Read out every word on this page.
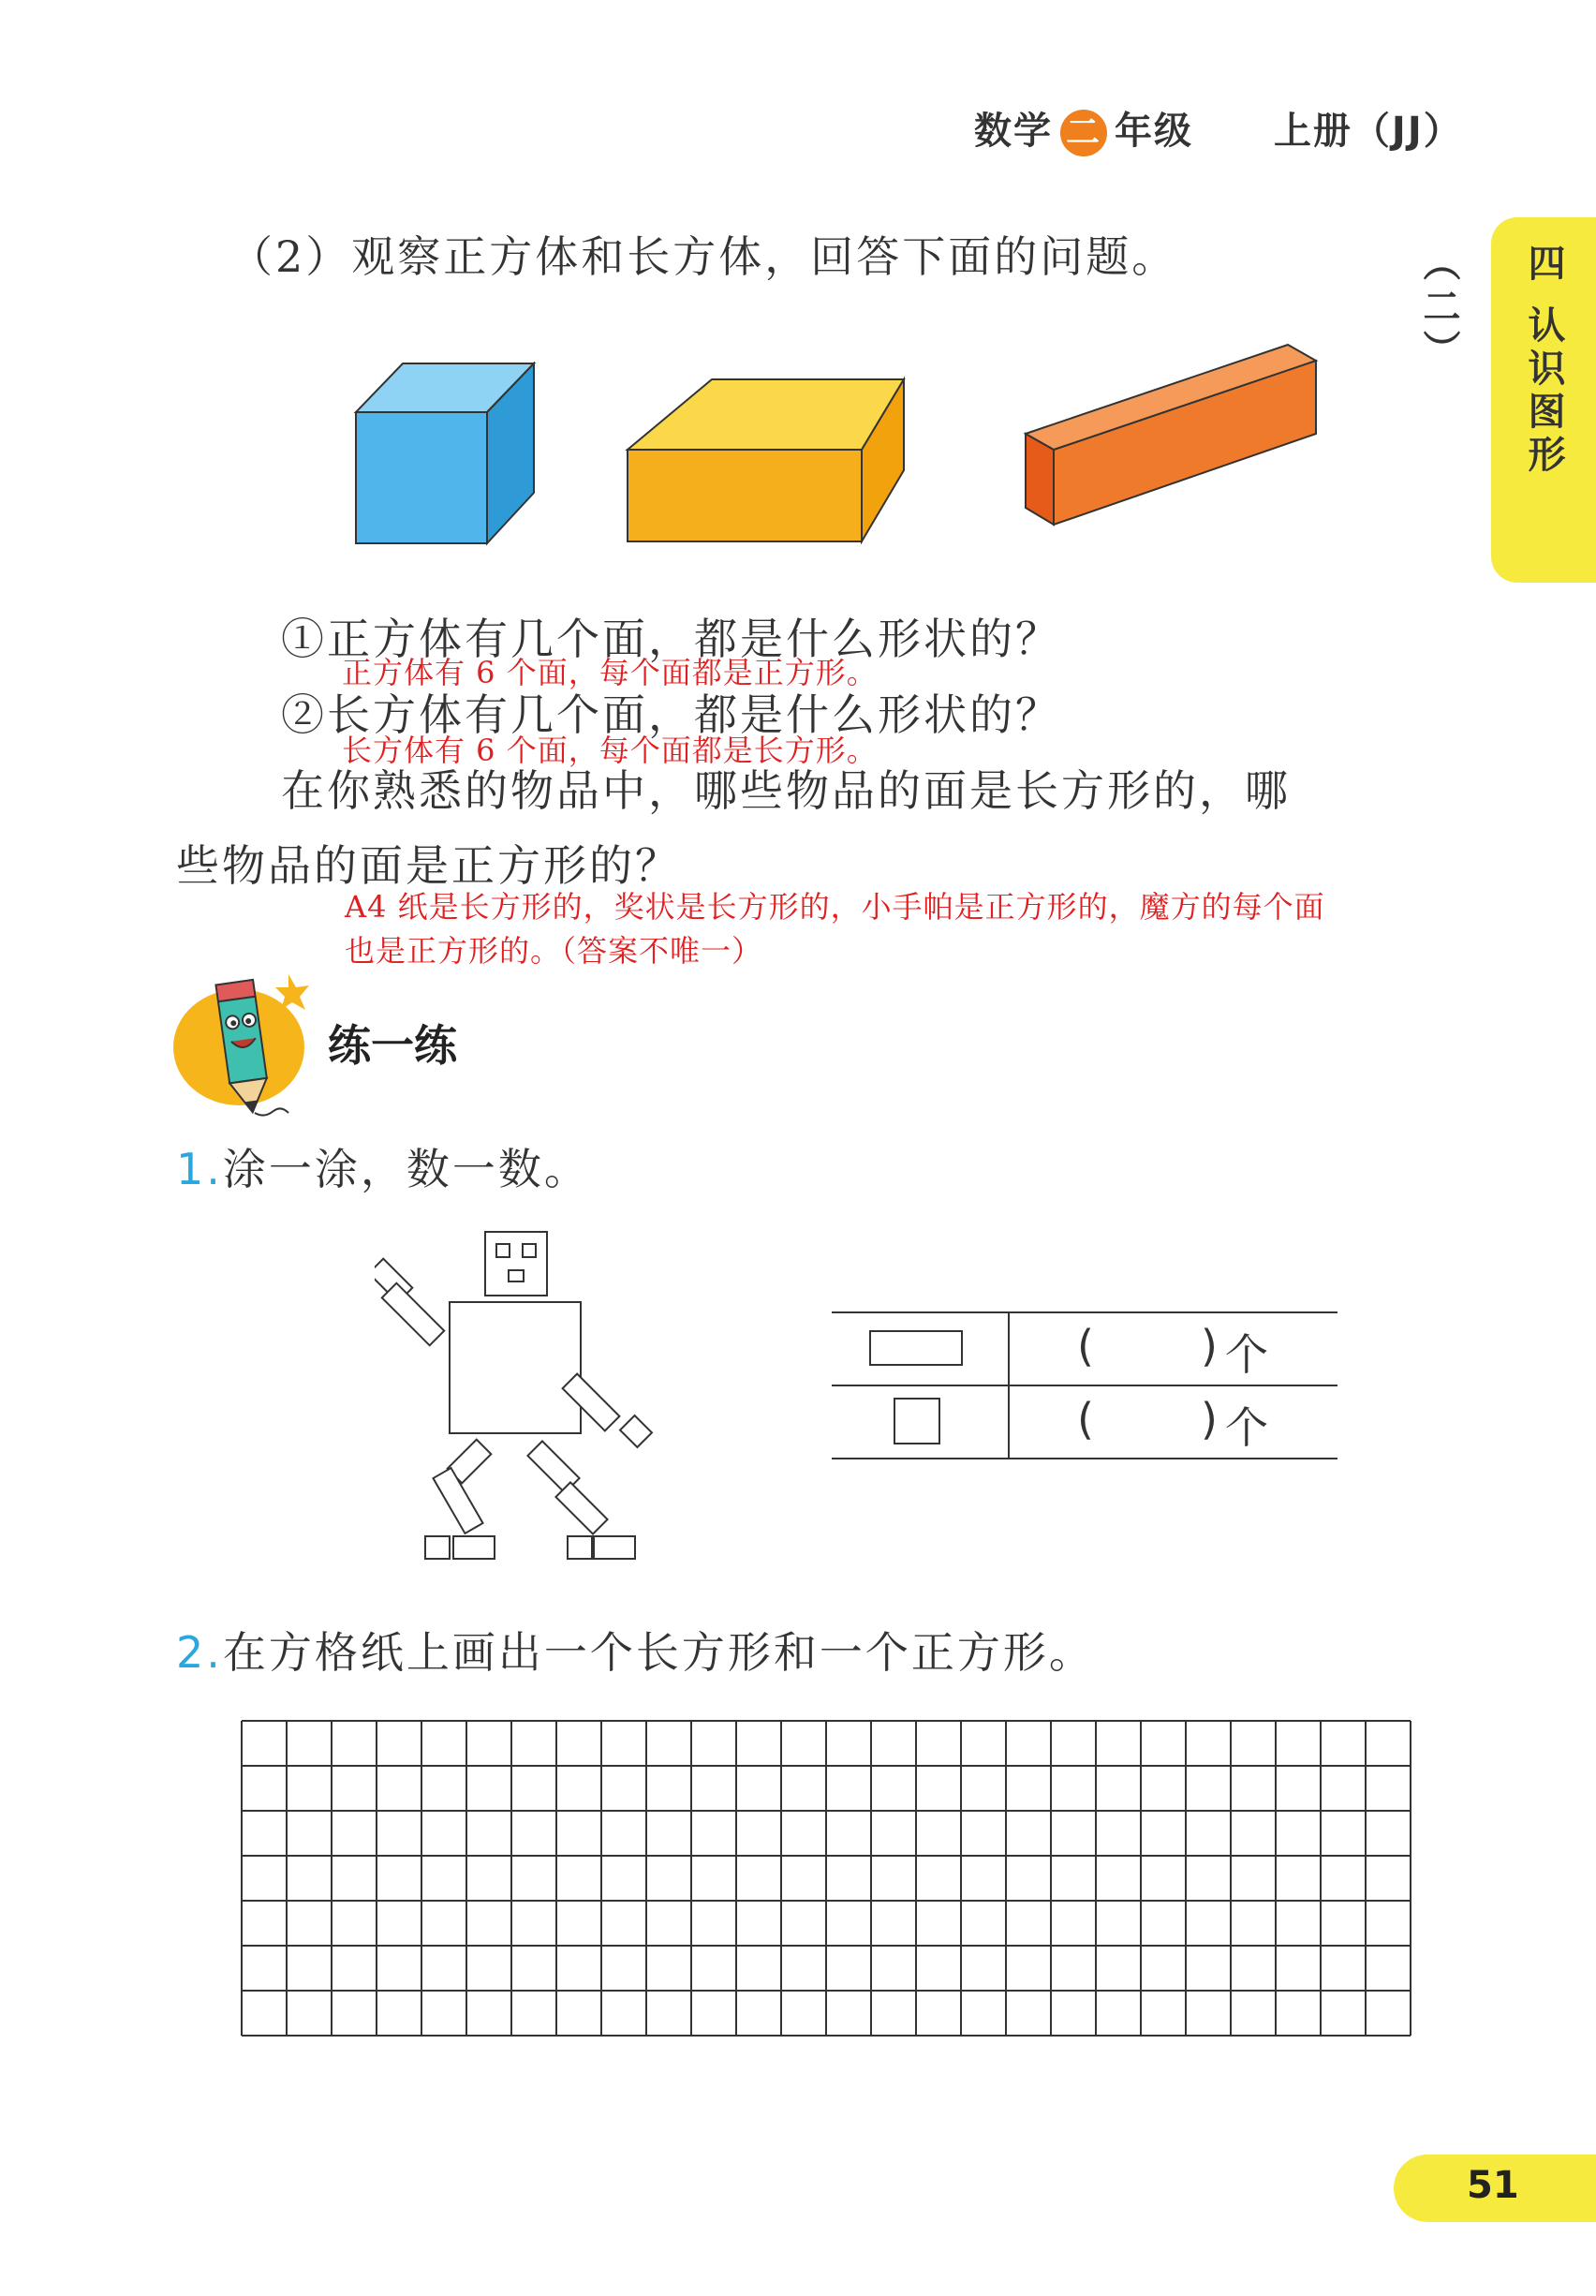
数学 二 年级 上册（JJ）
四 认识图形（二）
（2）观察正方体和长方体，回答下面的问题。
①正方体有几个面，都是什么形状的？
正方体有 6 个面，每个面都是正方形。
②长方体有几个面，都是什么形状的？
长方体有 6 个面，每个面都是长方形。
在你熟悉的物品中，哪些物品的面是长方形的，哪
些物品的面是正方形的？
A4 纸是长方形的，奖状是长方形的，小手帕是正方形的，魔方的每个面
也是正方形的。（答案不唯一）
练一练
1.涂一涂，数一数。
( ) 个
( ) 个
2.在方格纸上画出一个长方形和一个正方形。
51
